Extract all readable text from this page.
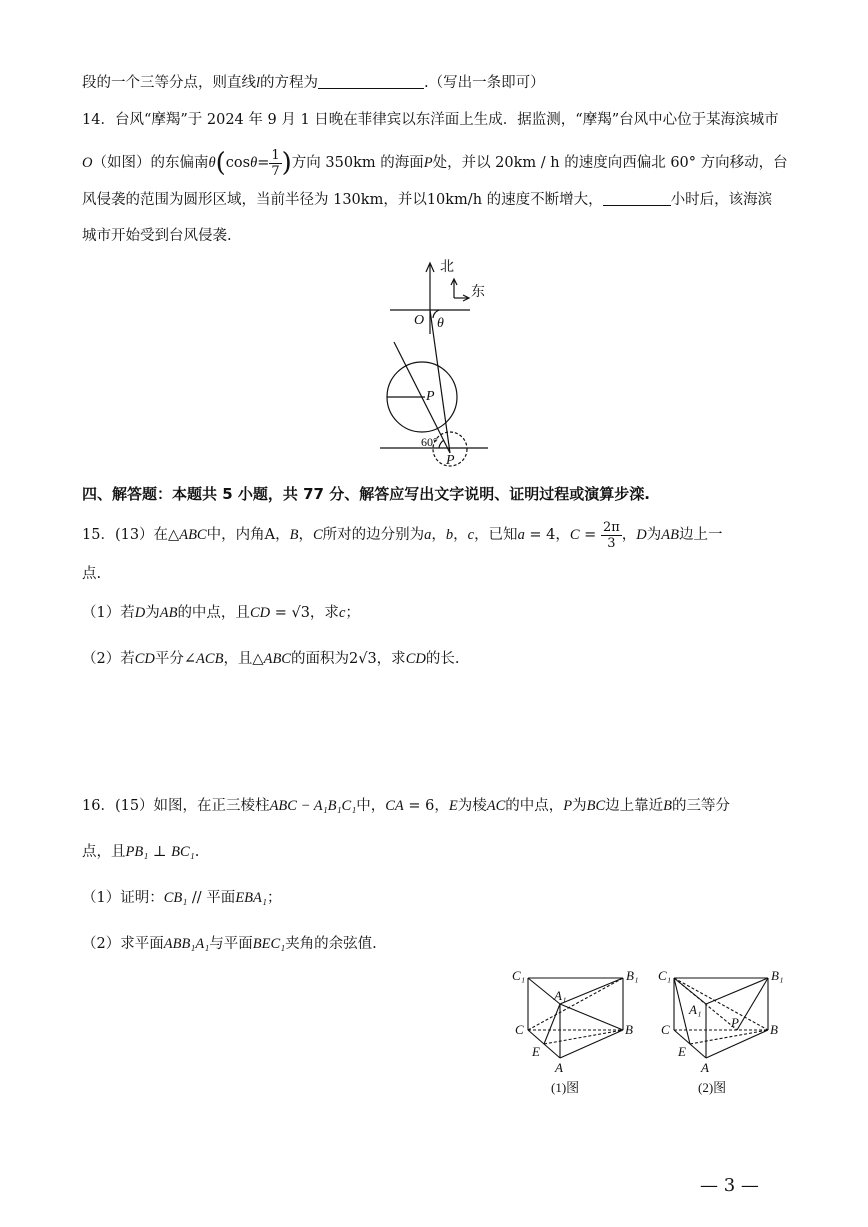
段的一个三等分点，则直线l的方程为	.（写出一条即可）
14．台风“摩羯”于 2024 年 9 月 1 日晚在菲律宾以东洋面上生成．据监测，“摩羯”台风中心位于某海滨城市
O（如图）的东偏南$\theta(\cos\theta= \frac{1}{7}$ )方向 350km 的海面P处，并以 20km / h 的速度向西偏北 60° 方向移动，台
风侵袭的范围为圆形区域，当前半径为 130km，并以10km/h 的速度不断增大，	小时后，该海滨
城市开始受到台风侵袭.
北
东
O θ
P
60°
P
四、解答题：本题共 5 小题，共 77 分、解答应写出文字说明、证明过程或演算步滦.
15．(13）在△ABC中，内角A，B，C所对的边分别为a，b，c，已知a = 4，$C = \frac{2\pi}{3}$ ，D为AB边上一
点.
（1）若D为AB的中点，且CD = √3，求c；
（2）若CD平分∠ACB，且△ABC的面积为2√3，求CD的长.
16．(15）如图，在正三棱柱ABC − A₁B₁C₁中，CA = 6，E为棱AC的中点，P为BC边上靠近B的三等分
点，且PB₁ ⊥ BC₁.
（1）证明：CB₁ // 平面EBA₁；
（2）求平面ABB₁A₁与平面BEC₁夹角的余弦值.
C₁	B₁
A₁
C	B
E
A
(1)图
C₁	B₁
A₁
P
C	B
E
A
(2)图
— 3 —
